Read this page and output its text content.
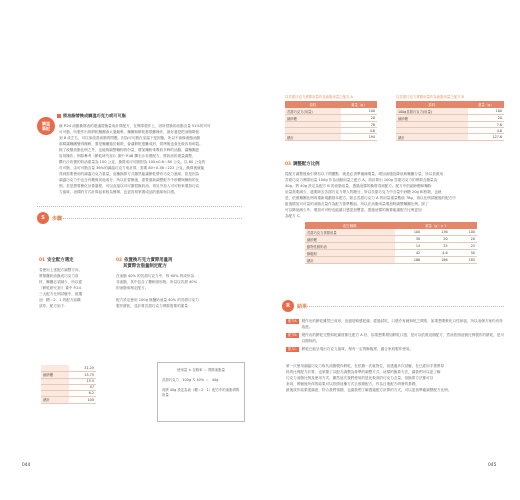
調溫
筆記
將油脂替換成調溫巧克力或可可脂

就 P.24 油脂換算表的建議替換量來計算配方，在實際製作上，因所替換的油脂含量 51%的可可

可可脂，所製作出的餅乾麵團會太過鬆軟，麵團和餅乾都很難操作，最好還是把油脂降低

到 8 成左右，可以來改善油脂的問題。因為可可脂在室溫下是固態，所以不會像液態油脂

那樣讓麵團變得濕軟，要是麵團過於鬆散，會讓餅乾很難成形，烘烤後也會比較容易碎裂。

除了改變油脂比例之外，也能夠調整麵粉的份量，增加麵粉來吸收多餘的油脂，讓麵團更

容易操作。例如參考《餅乾研究室Ⅰ》書中 P.48 鑽石沙布蕾配方，將奶油的重量調整，

鑽石沙布蕾的奶油重量為 100 公克，換算成可可脂則為 100×0.8＝80 公克。以 80 公克的

可可脂，由可可脂含量 36%的調溫巧克力來計算，需要 80÷0.36＝222 公克，換算後就能

得到需要使用的調溫巧克力重量，這種換算方式雖然能讓餅乾帶有巧克力風味，但是因為

調溫巧克力中也含有糖與其他成分，所以在替換後，需要重新調整配方中砂糖與麵粉的比

例。若是想要簡化計算過程，可以直接以可可脂替換奶油，再另外加入可可粉來增加巧克

力風味，這樣的方式計算起來較為簡單，也更容易掌握成品的風味與口感。

S	步驟
01 安全配方選定

若使用上述配方調整方向，

將無鹽奶油換成巧克力食

材，麵團必須減少，所以從

《餅乾研究室Ⅰ》書中 P.24

三大配方比例試驗中，挑選

油：糖＝2：1 的配方結構

試作，配方如下：

02 依置換巧克力實際用量再
其實際含脂量制定配方

在油脂 40% 的苦甜巧克力中，每 60% 的成份為

非油脂，其中包含了糖和固形物，所以以苦甜 40%

的油脂來制定配方。

配方設定使用 100g 無鹽奶油量 40% 的苦甜巧克力

製作餅乾，並計算苦甜巧克力實際需要的重量：

	31.25
細砂糖	15.75
	15.5
	47
	6.2
總計	100
使用量 × 含脂率 ＝ 實際油脂量
苦甜巧克力　100g Ｘ 40% ＝　40g
再將 40g 設定為油（糖＝2：1）配方中的油脂實際用量
044
以苦甜巧克力實際用量作為油脂用量之配方 A
原料	重量（g）
苦甜巧克力(用量)	100
細砂糖	20
	78
	4.6
總計	194
以苦甜巧克力實際用量作為油脂用量之配方 B
原料	重量（g）
100g苦甜巧克力(用量)	100
細砂糖	20
	7.6
	4.6
總計	127.6
03 調整配方比例

從配方調整後會引發有以下問題點：就是必須準備補增量，增加油脂及降低軟麵團分量，所以依照用

苦甜巧克力實際用量 100g 作為油脂用量之配方 A。再計算出 100g 苦甜巧克力的實際含脂量為

40g，將 40g 設定為配方 B 的油脂用量，透過這樣的換算得到配方。配方中的細砂糖和麵粉

用量需要減少，還要除去苦甜巧克力帶入的糖分，所以苦甜巧克力中含量中砂糖 20g 和粉類，也就

是，依照麵團比例再重新規劃基本配方，除去苦甜巧克力 A 的用量重量數值 78g，再以比例試驗後的配方中

組後增加可可量的油脂含量作為配方基準數值，所以在油脂用量增加時調整麵團比例，除了

可以降低減少外，增加可可粉也能讓口感更加豐富，透過這樣的換算能讓配方比例更加

為配方 C。

配方種類	重量（g）× 1		
苦甜巧克力實際用量	100	136	100
細砂糖	30	20	20
動物性鮮奶油	14	25	25
酥鬆粉	42	4.6	50
總計	186	186	185
R	結果
配方A	製作出的餅乾雖然已成形，但還是略感乾燥，經過試吃，口感介有硬和乾之間的，如果想要軟化口性和風，所以這個方案仍有待改進。
配方B	製作出的餅乾完整和乾燥度都比配方 A 好，如果想要增加餅乾口感，是可以依照這個配方，然而依照這個比例製作的餅乾，是可以期待的。
配方C	餅乾已能呈現出巧克力風味，保有一定的酥脆度，適合家庭製作使用。

第一次使用調溫巧克力取代油脂製作餅乾，在依據一次就對位，但透過多次試驗，在已經用手搓將原

料的比例配方計算，也掌握了以配方調整為基準的調整方式，這樣的換算方法，讓我們可以更了解

巧克力油脂比例及使用方式，雖然這次我們使用的是比較高的巧克力含量，但換算方法都可以

套用，實驗後所得的結果可以依照這種方式去預測配方，作為日後配方研發的基礎。

最後試作結果很滿意，符合我們預期，也讓我們了解透過配方計算的方式，可以更加準確調整配方比例。

045
